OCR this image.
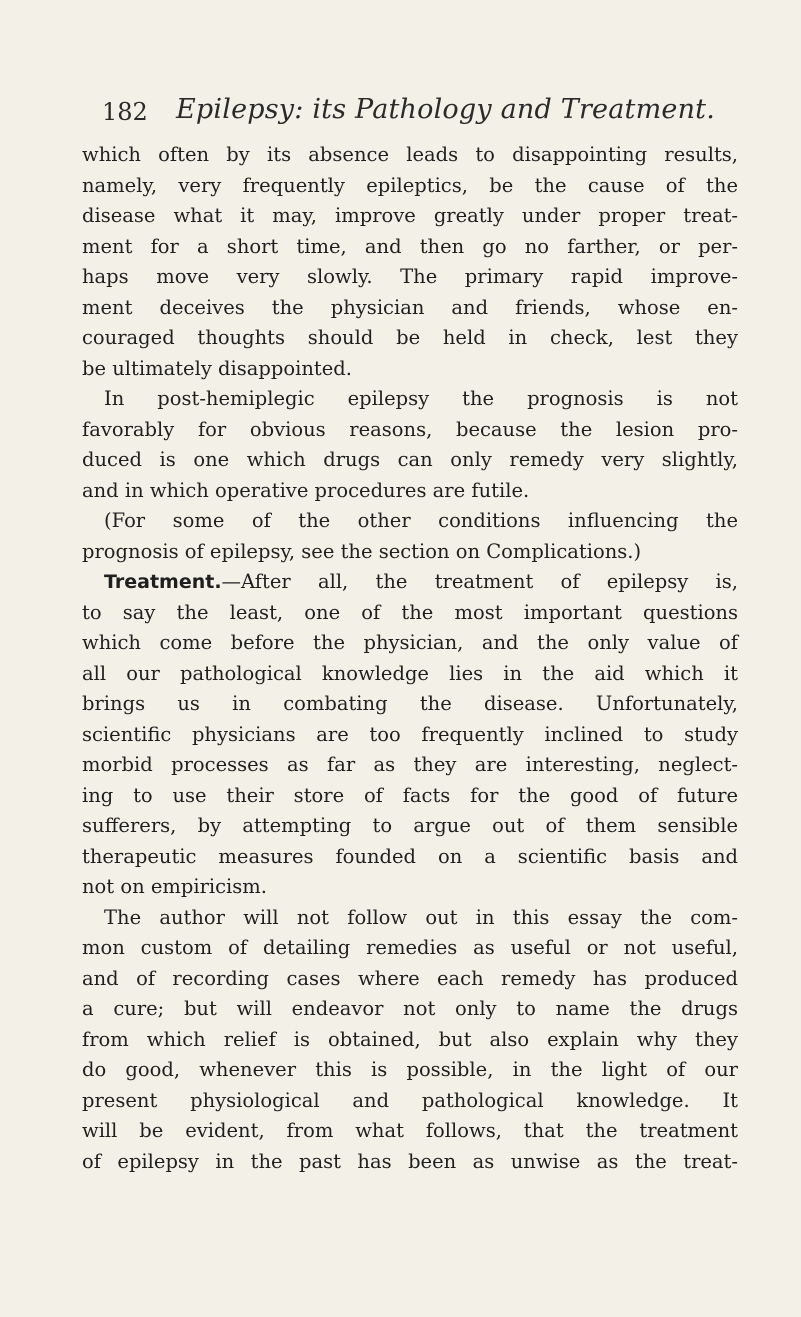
182 Epilepsy: its Pathology and Treatment.
which often by its absence leads to disappointing results,
namely, very frequently epileptics, be the cause of the
disease what it may, improve greatly under proper treat-
ment for a short time, and then go no farther, or per-
haps move very slowly. The primary rapid improve-
ment deceives the physician and friends, whose en-
couraged thoughts should be held in check, lest they
be ultimately disappointed.
In post-hemiplegic epilepsy the prognosis is not
favorably for obvious reasons, because the lesion pro-
duced is one which drugs can only remedy very slightly,
and in which operative procedures are futile.
(For some of the other conditions influencing the
prognosis of epilepsy, see the section on Complications.)
Treatment.—After all, the treatment of epilepsy is,
to say the least, one of the most important questions
which come before the physician, and the only value of
all our pathological knowledge lies in the aid which it
brings us in combating the disease. Unfortunately,
scientific physicians are too frequently inclined to study
morbid processes as far as they are interesting, neglect-
ing to use their store of facts for the good of future
sufferers, by attempting to argue out of them sensible
therapeutic measures founded on a scientific basis and
not on empiricism.
The author will not follow out in this essay the com-
mon custom of detailing remedies as useful or not useful,
and of recording cases where each remedy has produced
a cure; but will endeavor not only to name the drugs
from which relief is obtained, but also explain why they
do good, whenever this is possible, in the light of our
present physiological and pathological knowledge. It
will be evident, from what follows, that the treatment
of epilepsy in the past has been as unwise as the treat-
